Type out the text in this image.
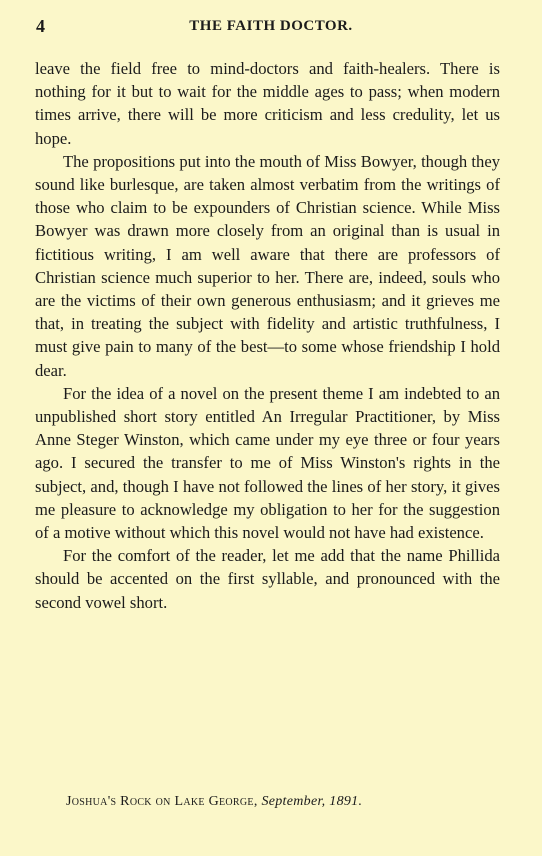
4	THE FAITH DOCTOR.

leave the field free to mind-doctors and faith-healers. There is nothing for it but to wait for the middle ages to pass; when modern times arrive, there will be more criticism and less credulity, let us hope.

The propositions put into the mouth of Miss Bowyer, though they sound like burlesque, are taken almost verbatim from the writings of those who claim to be expounders of Christian science. While Miss Bowyer was drawn more closely from an original than is usual in fictitious writing, I am well aware that there are professors of Christian science much superior to her. There are, indeed, souls who are the victims of their own generous enthusiasm; and it grieves me that, in treating the subject with fidelity and artistic truthfulness, I must give pain to many of the best—to some whose friendship I hold dear.

For the idea of a novel on the present theme I am indebted to an unpublished short story entitled An Irregular Practitioner, by Miss Anne Steger Winston, which came under my eye three or four years ago. I secured the transfer to me of Miss Winston's rights in the subject, and, though I have not followed the lines of her story, it gives me pleasure to acknowledge my obligation to her for the suggestion of a motive without which this novel would not have had existence.

For the comfort of the reader, let me add that the name Phillida should be accented on the first syllable, and pronounced with the second vowel short.

Joshua's Rock on Lake George, September, 1891.
